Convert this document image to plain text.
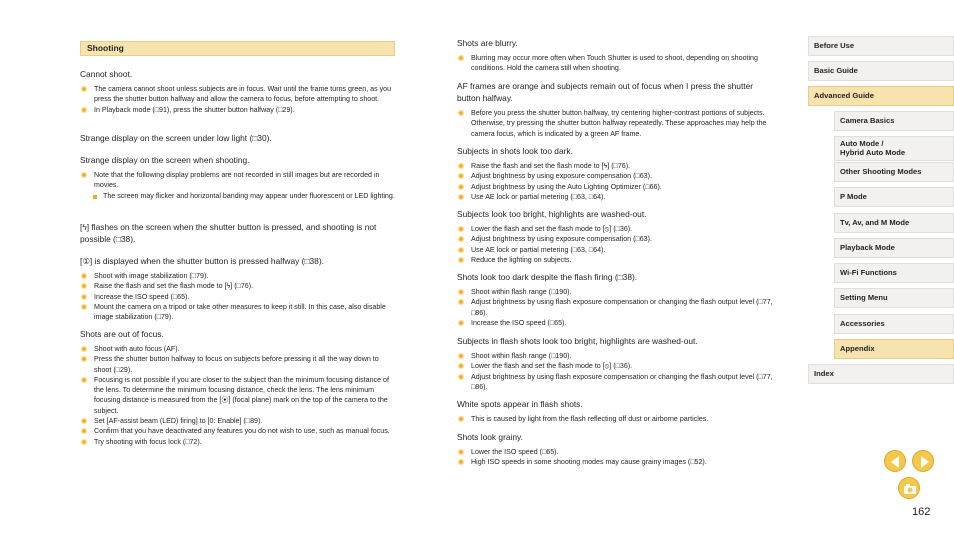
Shooting
Cannot shoot.
The camera cannot shoot unless subjects are in focus. Wait until the frame turns green, as you press the shutter button halfway and allow the camera to focus, before attempting to shoot.
In Playback mode (□91), press the shutter button halfway (□29).
Strange display on the screen under low light (□30).
Strange display on the screen when shooting.
Note that the following display problems are not recorded in still images but are recorded in movies.
The screen may flicker and horizontal banding may appear under fluorescent or LED lighting.
[ϟ] flashes on the screen when the shutter button is pressed, and shooting is not possible (□38).
[①] is displayed when the shutter button is pressed halfway (□38).
Shoot with image stabilization (□79).
Raise the flash and set the flash mode to [ϟ] (□76).
Increase the ISO speed (□65).
Mount the camera on a tripod or take other measures to keep it still. In this case, also disable image stabilization (□79).
Shots are out of focus.
Shoot with auto focus (AF).
Press the shutter button halfway to focus on subjects before pressing it all the way down to shoot (□29).
Focusing is not possible if you are closer to the subject than the minimum focusing distance of the lens. To determine the minimum focusing distance, check the lens. The lens minimum focusing distance is measured from the [⦿] (focal plane) mark on the top of the camera to the subject.
Set [AF-assist beam (LED) firing] to [0: Enable] (□89).
Confirm that you have deactivated any features you do not wish to use, such as manual focus.
Try shooting with focus lock (□72).
Shots are blurry.
Blurring may occur more often when Touch Shutter is used to shoot, depending on shooting conditions. Hold the camera still when shooting.
AF frames are orange and subjects remain out of focus when I press the shutter button halfway.
Before you press the shutter button halfway, try centering higher-contrast portions of subjects. Otherwise, try pressing the shutter button halfway repeatedly. These approaches may help the camera focus, which is indicated by a green AF frame.
Subjects in shots look too dark.
Raise the flash and set the flash mode to [ϟ] (□76).
Adjust brightness by using exposure compensation (□63).
Adjust brightness by using the Auto Lighting Optimizer (□66).
Use AE lock or partial metering (□63, □64).
Subjects look too bright, highlights are washed-out.
Lower the flash and set the flash mode to [⦸] (□36).
Adjust brightness by using exposure compensation (□63).
Use AE lock or partial metering (□63, □64).
Reduce the lighting on subjects.
Shots look too dark despite the flash firing (□38).
Shoot within flash range (□190).
Adjust brightness by using flash exposure compensation or changing the flash output level (□77, □86).
Increase the ISO speed (□65).
Subjects in flash shots look too bright, highlights are washed-out.
Shoot within flash range (□190).
Lower the flash and set the flash mode to [⦸] (□36).
Adjust brightness by using flash exposure compensation or changing the flash output level (□77, □86).
White spots appear in flash shots.
This is caused by light from the flash reflecting off dust or airborne particles.
Shots look grainy.
Lower the ISO speed (□65).
High ISO speeds in some shooting modes may cause grainy images (□52).
Before Use
Basic Guide
Advanced Guide
Camera Basics
Auto Mode /
Hybrid Auto Mode
Other Shooting Modes
P Mode
Tv, Av, and M Mode
Playback Mode
Wi-Fi Functions
Setting Menu
Accessories
Appendix
Index
162
